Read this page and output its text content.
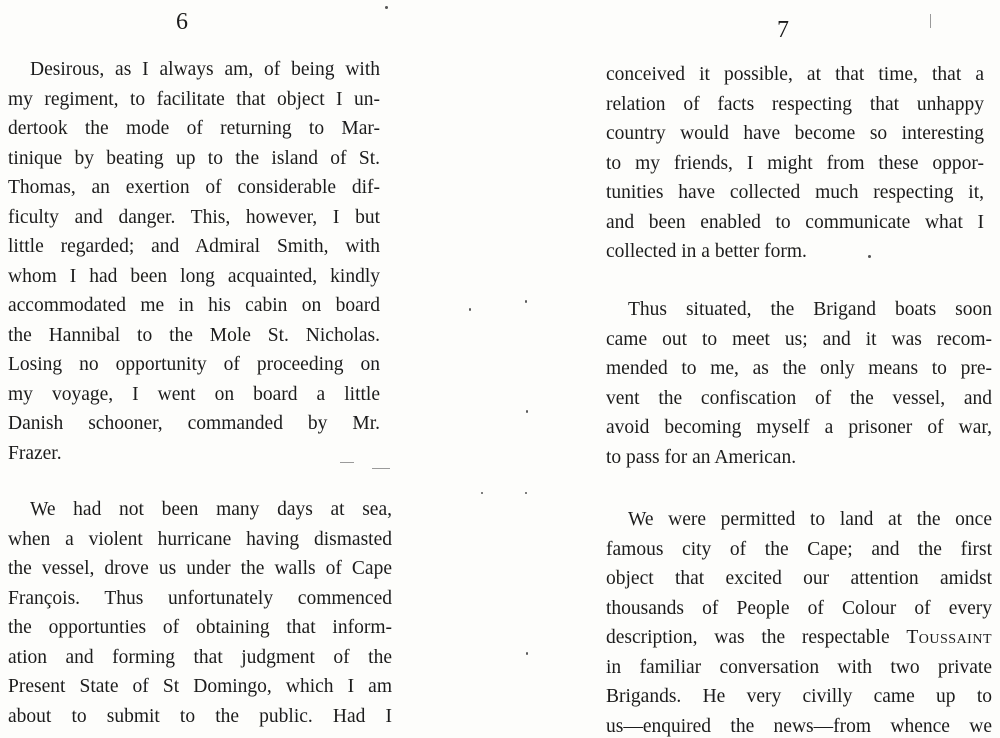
6
Desirous, as I always am, of being with
my regiment, to facilitate that object I un-
dertook the mode of returning to Mar-
tinique by beating up to the island of St.
Thomas, an exertion of considerable dif-
ficulty and danger. This, however, I but
little regarded; and Admiral Smith, with
whom I had been long acquainted, kindly
accommodated me in his cabin on board
the Hannibal to the Mole St. Nicholas.
Losing no opportunity of proceeding on
my voyage, I went on board a little
Danish schooner, commanded by Mr.
Frazer.
We had not been many days at sea,
when a violent hurricane having dismasted
the vessel, drove us under the walls of Cape
François. Thus unfortunately commenced
the opportunties of obtaining that inform-
ation and forming that judgment of the
Present State of St Domingo, which I am
about to submit to the public. Had I
7
conceived it possible, at that time, that a
relation of facts respecting that unhappy
country would have become so interesting
to my friends, I might from these oppor-
tunities have collected much respecting it,
and been enabled to communicate what I
collected in a better form.
Thus situated, the Brigand boats soon
came out to meet us; and it was recom-
mended to me, as the only means to pre-
vent the confiscation of the vessel, and
avoid becoming myself a prisoner of war,
to pass for an American.
We were permitted to land at the once
famous city of the Cape; and the first
object that excited our attention amidst
thousands of People of Colour of every
description, was the respectable Toussaint
in familiar conversation with two private
Brigands. He very civilly came up to
us—enquired the news—from whence we
